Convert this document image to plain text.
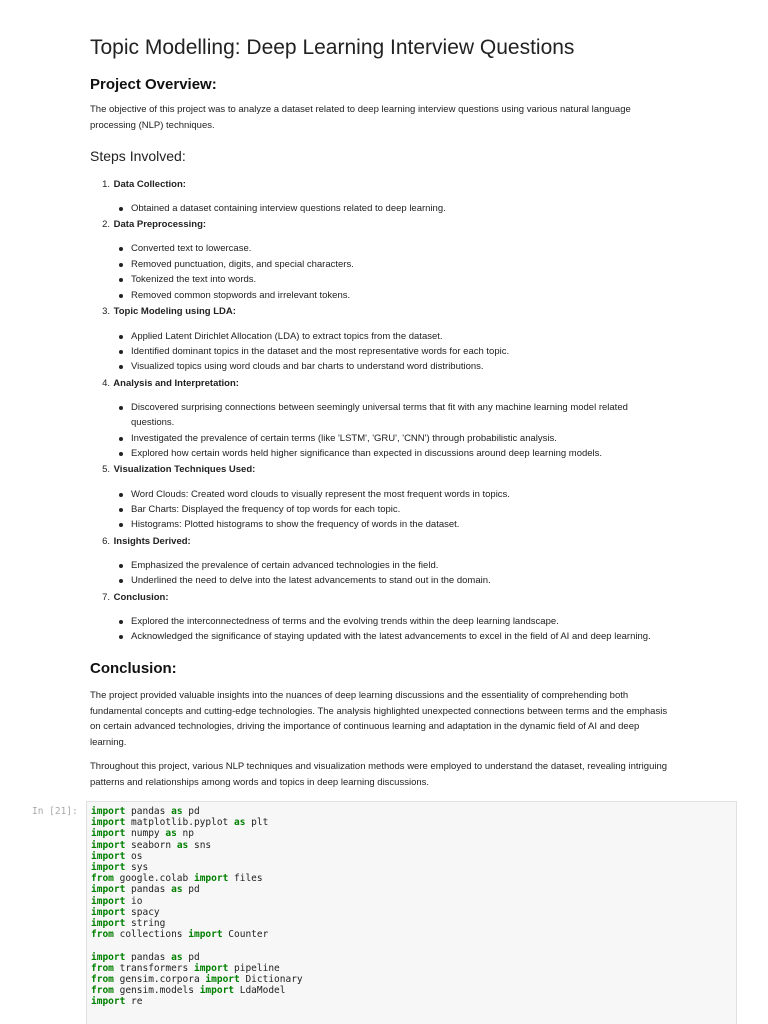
Topic Modelling: Deep Learning Interview Questions
Project Overview:

The objective of this project was to analyze a dataset related to deep learning interview questions using various natural language
processing (NLP) techniques.

Steps Involved:
1. Data Collection:
Obtained a dataset containing interview questions related to deep learning.
2. Data Preprocessing:
Converted text to lowercase.
Removed punctuation, digits, and special characters.
Tokenized the text into words.
Removed common stopwords and irrelevant tokens.
3. Topic Modeling using LDA:
Applied Latent Dirichlet Allocation (LDA) to extract topics from the dataset.
Identified dominant topics in the dataset and the most representative words for each topic.
Visualized topics using word clouds and bar charts to understand word distributions.
4. Analysis and Interpretation:
Discovered surprising connections between seemingly universal terms that fit with any machine learning model related
questions.
Investigated the prevalence of certain terms (like 'LSTM', 'GRU', 'CNN') through probabilistic analysis.
Explored how certain words held higher significance than expected in discussions around deep learning models.
5. Visualization Techniques Used:
Word Clouds: Created word clouds to visually represent the most frequent words in topics.
Bar Charts: Displayed the frequency of top words for each topic.
Histograms: Plotted histograms to show the frequency of words in the dataset.
6. Insights Derived:
Emphasized the prevalence of certain advanced technologies in the field.
Underlined the need to delve into the latest advancements to stand out in the domain.
7. Conclusion:
Explored the interconnectedness of terms and the evolving trends within the deep learning landscape.
Acknowledged the significance of staying updated with the latest advancements to excel in the field of AI and deep learning.
Conclusion:

The project provided valuable insights into the nuances of deep learning discussions and the essentiality of comprehending both
fundamental concepts and cutting-edge technologies. The analysis highlighted unexpected connections between terms and the emphasis
on certain advanced technologies, driving the importance of continuous learning and adaptation in the dynamic field of AI and deep
learning.

Throughout this project, various NLP techniques and visualization methods were employed to understand the dataset, revealing intriguing
patterns and relationships among words and topics in deep learning discussions.

In [21]: import pandas as pd
import matplotlib.pyplot as plt
import numpy as np
import seaborn as sns
import os
import sys
from google.colab import files
import pandas as pd
import io
import spacy
import string
from collections import Counter
import pandas as pd
from transformers import pipeline
from gensim.corpora import Dictionary
from gensim.models import LdaModel
import re
